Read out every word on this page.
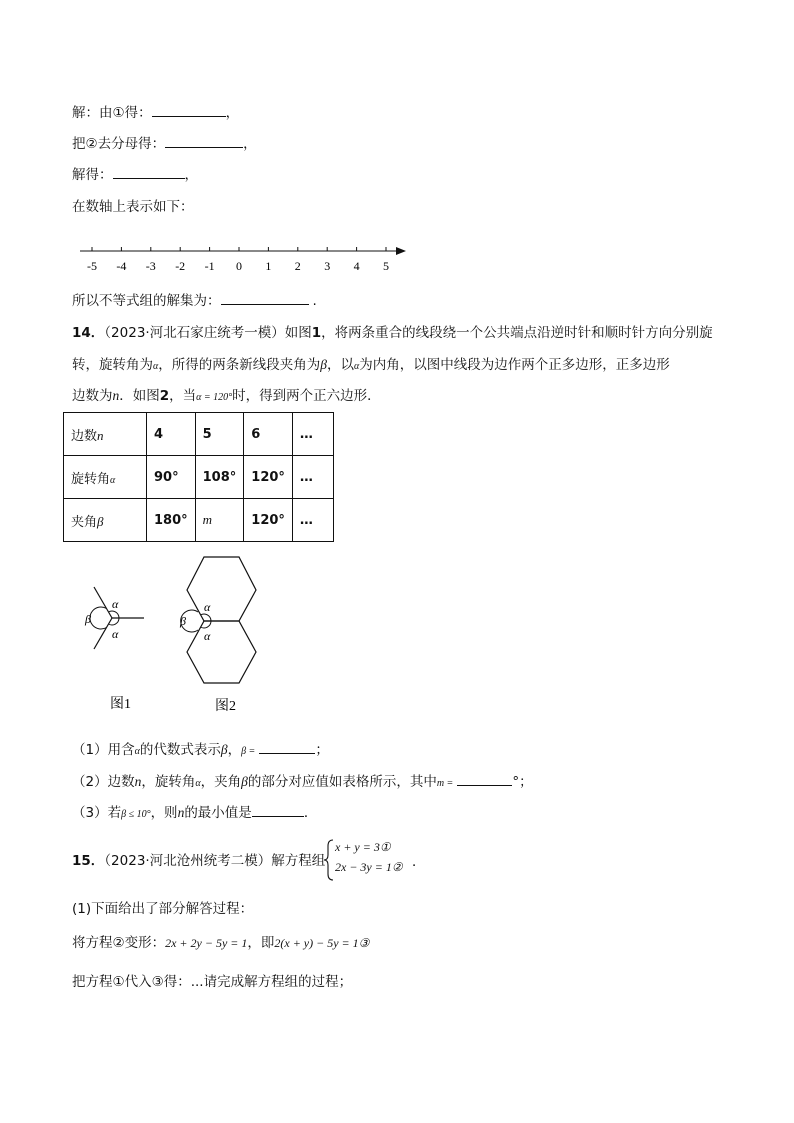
解：由①得：	，
把②去分母得：	，
解得：	，
在数轴上表示如下：
-5 -4 -3 -2 -1 0 1 2 3 4 5
所以不等式组的解集为：	.
14．（2023·河北石家庄统考一模）如图1，将两条重合的线段绕一个公共端点沿逆时针和顺时针方向分别旋
转，旋转角为α，所得的两条新线段夹角为β，以α为内角，以图中线段为边作两个正多边形，正多边形
边数为n．如图2，当α = 120°时，得到两个正六边形．
边数n	4	5	6	…
旋转角α	90°	108°	120°	…
夹角β	180°	m	120°	…
α
α
β
图1
α
α
β
图2
（1）用含α的代数式表示β，β =	；
（2）边数n，旋转角α，夹角β的部分对应值如表格所示，其中m =	°；
（3）若β ≤ 10°，则n的最小值是	．
15．（2023·河北沧州统考二模）解方程组
x + y = 3①
2x − 3y = 1② ．
(1)下面给出了部分解答过程：
将方程②变形：2x + 2y − 5y = 1，即2(x + y) − 5y = 1③
把方程①代入③得：...请完成解方程组的过程；
